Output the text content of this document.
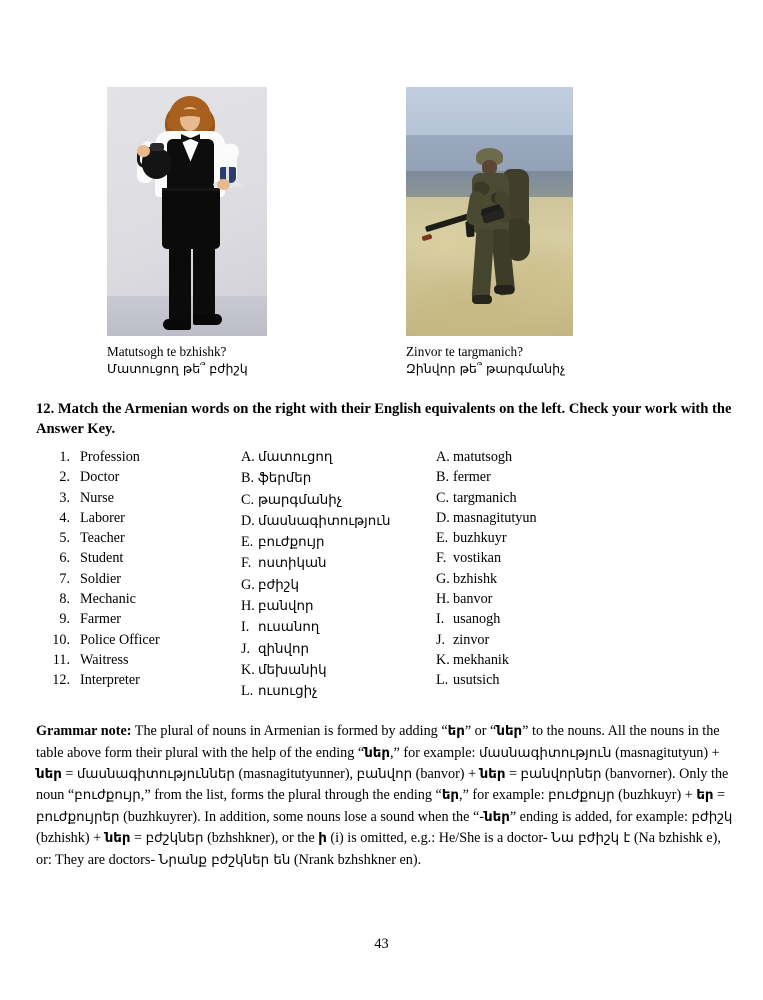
Matutsogh te bzhishk?
Մատուցող թե՞ բժիշկ
Zinvor te targmanich?
Զինվոր թե՞ թարգմանիչ
12. Match the Armenian words on the right with their English equivalents on the left. Check your work with the Answer Key.
1. Profession
2. Doctor
3. Nurse
4. Laborer
5. Teacher
6. Student
7. Soldier
8. Mechanic
9. Farmer
10. Police Officer
11. Waitress
12. Interpreter
A. մատուցող
B. ֆերմեր
C. թարգմանիչ
D. մասնագիտություն
E. բուժքույր
F. ոստիկան
G. բժիշկ
H. բանվոր
I. ուսանող
J. զինվոր
K. մեխանիկ
L. ուսուցիչ
A. matutsogh
B. fermer
C. targmanich
D. masnagitutyun
E. buzhkuyr
F. vostikan
G. bzhishk
H. banvor
I. usanogh
J. zinvor
K. mekhanik
L. usutsich

Grammar note: The plural of nouns in Armenian is formed by adding “եր” or “ներ” to the nouns. All the nouns in the table above form their plural with the help of the ending “ներ,” for example: մասնագիտություն (masnagitutyun) + ներ = մասնագիտություններ (masnagitutyunner), բանվոր (banvor) + ներ = բանվորներ (banvorner). Only the noun “բուժքույր,” from the list, forms the plural through the ending “եր,” for example: բուժքույր (buzhkuyr) + եր = բուժքույրեր (buzhkuyrer). In addition, some nouns lose a sound when the “-ներ” ending is added, for example: բժիշկ (bzhishk) + ներ = բժշկներ (bzhshkner), or the ի (i) is omitted, e.g.: He/She is a doctor- Նա բժիշկ է (Na bzhishk e), or: They are doctors- Նրանք բժշկներ են (Nrank bzhshkner en).

43
